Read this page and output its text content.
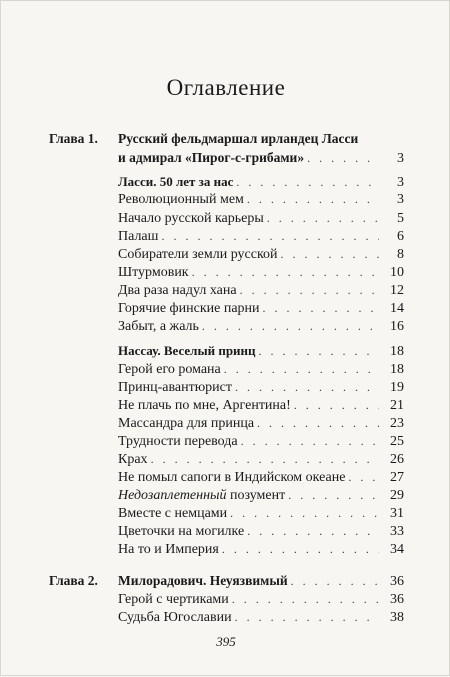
Оглавление
Глава 1. Русский фельдмаршал ирландец Ласси
и адмирал «Пирог-с-грибами» . . .	3
Ласси. 50 лет за нас . . .	3
Революционный мем . . .	3
Начало русской карьеры . . .	5
Палаш . . .	6
Собиратели земли русской . . .	8
Штурмовик . . .	10
Два раза надул хана . . .	12
Горячие финские парни . . .	14
Забыт, а жаль . . .	16
Нассау. Веселый принц . . .	18
Герой его романа . . .	18
Принц-авантюрист . . .	19
Не плачь по мне, Аргентина! . . .	21
Массандра для принца . . .	23
Трудности перевода . . .	25
Крах . . .	26
Не помыл сапоги в Индийском океане . . .	27
Недозаплетенный позумент . . .	29
Вместе с немцами . . .	31
Цветочки на могилке . . .	33
На то и Империя . . .	34
Глава 2. Милорадович. Неуязвимый . . .	36
Герой с чертиками . . .	36
Судьба Югославии . . .	38
395
